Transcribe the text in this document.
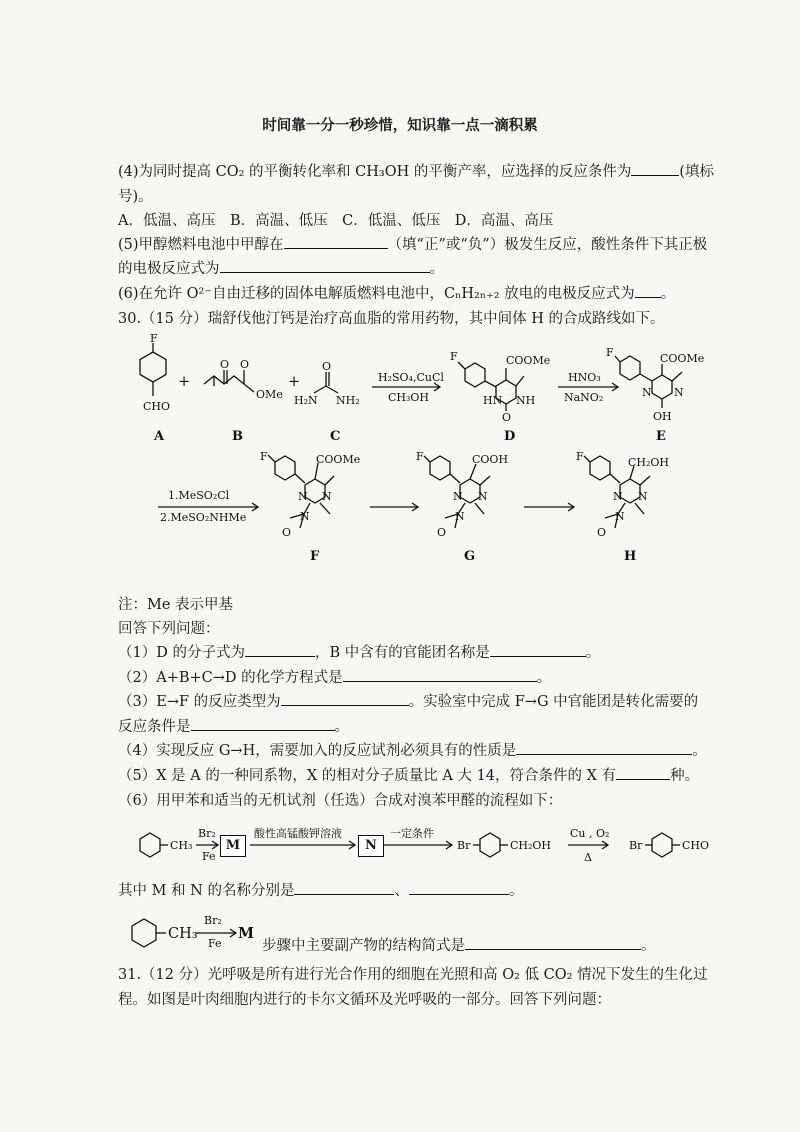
时间靠一分一秒珍惜，知识靠一点一滴积累
(4)为同时提高 CO₂ 的平衡转化率和 CH₃OH 的平衡产率，应选择的反应条件为	(填标
号)。
A．低温、高压　B．高温、低压　C．低温、低压　D．高温、高压
(5)甲醇燃料电池中甲醇在	（填“正”或“负”）极发生反应，酸性条件下其正极
的电极反应式为	。
(6)在允许 O²⁻自由迁移的固体电解质燃料电池中，CₙH₂ₙ₊₂ 放电的电极反应式为 。
30.（15 分）瑞舒伐他汀钙是治疗高血脂的常用药物，其中间体 H 的合成路线如下。
F
CHO
+
O O
OMe
+
O
H₂N NH₂
H₂SO₄,CuCl
CH₃OH
F	COOMe
HN NH
O
HNO₃
NaNO₂
F	COOMe
N N
OH
A	B	C	D	E
1.MeSO₂Cl
2.MeSO₂NHMe
F	COOMe
N N
N
O
F
F	COOH
N N
N
O
G
F	CH₂OH
N N
N
O
H
CH₃
Br₂
Fe
酸性高锰酸钾溶液	一定条件
Br	CH₂OH
Cu , O₂
Δ
Br	CHO
CH₃
Br₂
Fe
M
M	N
注：Me 表示甲基
回答下列问题：
（1）D 的分子式为	，B 中含有的官能团名称是	。
（2）A+B+C→D 的化学方程式是	。
（3）E→F 的反应类型为	。实验室中完成 F→G 中官能团是转化需要的
反应条件是	。
（4）实现反应 G→H，需要加入的反应试剂必须具有的性质是	。
（5）X 是 A 的一种同系物，X 的相对分子质量比 A 大 14，符合条件的 X 有	种。
（6）用甲苯和适当的无机试剂（任选）合成对溴苯甲醛的流程如下：
其中 M 和 N 的名称分别是	、	。
步骤中主要副产物的结构简式是	。
31.（12 分）光呼吸是所有进行光合作用的细胞在光照和高 O₂ 低 CO₂ 情况下发生的生化过
程。如图是叶肉细胞内进行的卡尔文循环及光呼吸的一部分。回答下列问题：
